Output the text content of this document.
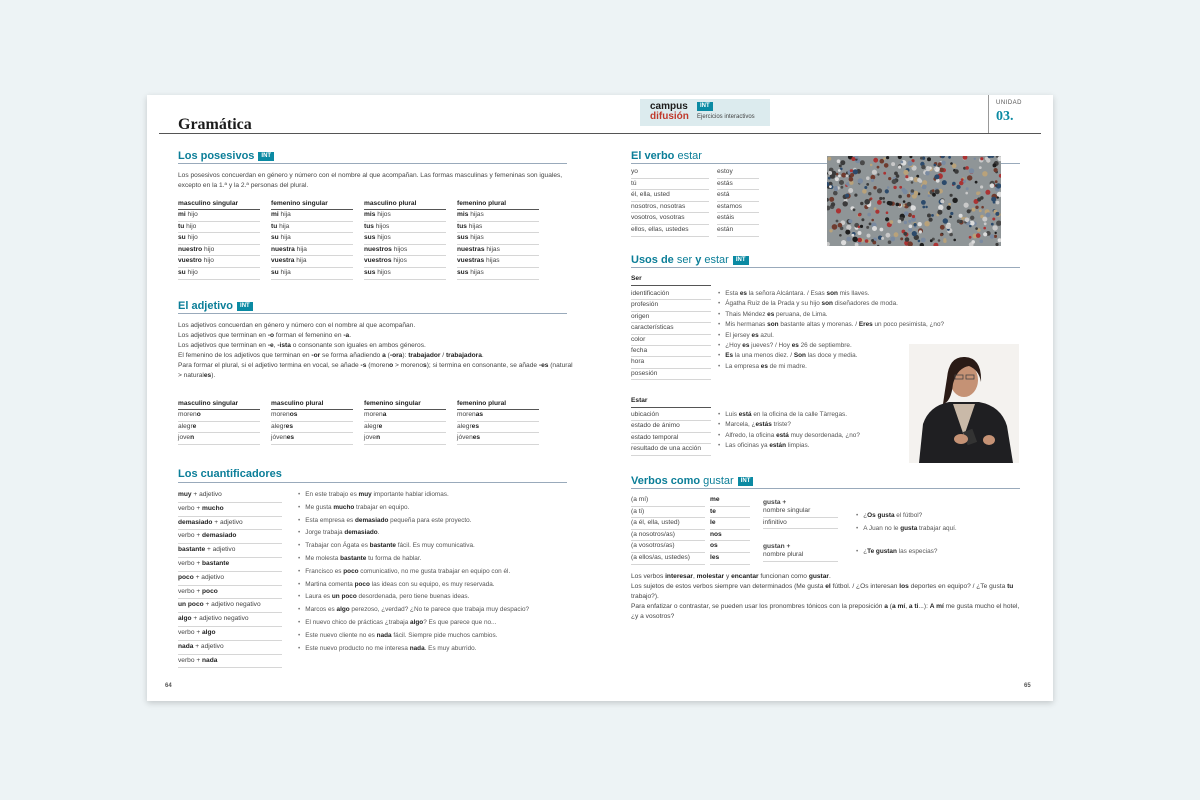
Gramática
Los posesivos INT
Los posesivos concuerdan en género y número con el nombre al que acompañan. Las formas masculinas y femeninas son iguales, excepto en la 1.ª y la 2.ª personas del plural.
masculino singular
mi hijo
tu hijo
su hijo
nuestro hijo
vuestro hijo
su hijo
femenino singular
mi hija
tu hija
su hija
nuestra hija
vuestra hija
su hija
masculino plural
mis hijos
tus hijos
sus hijos
nuestros hijos
vuestros hijos
sus hijos
femenino plural
mis hijas
tus hijas
sus hijas
nuestras hijas
vuestras hijas
sus hijas
El adjetivo INT
Los adjetivos concuerdan en género y número con el nombre al que acompañan.
Los adjetivos que terminan en -o forman el femenino en -a.
Los adjetivos que terminan en -e, -ista o consonante son iguales en ambos géneros.
El femenino de los adjetivos que terminan en -or se forma añadiendo a (-ora): trabajador / trabajadora.
Para formar el plural, si el adjetivo termina en vocal, se añade -s (moreno > morenos); si termina en consonante, se añade -es (natural > naturales).
masculino singular
moreno
alegre
joven
masculino plural
morenos
alegres
jóvenes
femenino singular
morena
alegre
joven
femenino plural
morenas
alegres
jóvenes
Los cuantificadores
muy + adjetivo
verbo + mucho
demasiado + adjetivo
verbo + demasiado
bastante + adjetivo
verbo + bastante
poco + adjetivo
verbo + poco
un poco + adjetivo negativo
algo + adjetivo negativo
verbo + algo
nada + adjetivo
verbo + nada
• En este trabajo es muy importante hablar idiomas.
• Me gusta mucho trabajar en equipo.
• Esta empresa es demasiado pequeña para este proyecto.
• Jorge trabaja demasiado.
• Trabajar con Ágata es bastante fácil. Es muy comunicativa.
• Me molesta bastante tu forma de hablar.
• Francisco es poco comunicativo, no me gusta trabajar en equipo con él.
• Martina comenta poco las ideas con su equipo, es muy reservada.
• Laura es un poco desordenada, pero tiene buenas ideas.
• Marcos es algo perezoso, ¿verdad? ¿No te parece que trabaja muy despacio?
• El nuevo chico de prácticas ¿trabaja algo? Es que parece que no...
• Este nuevo cliente no es nada fácil. Siempre pide muchos cambios.
• Este nuevo producto no me interesa nada. Es muy aburrido.
64
campus
difusión
INT
Ejercicios interactivos
UNIDAD
03.
El verbo estar
yo
tú
él, ella, usted
nosotros, nosotras
vosotros, vosotras
ellos, ellas, ustedes
estoy
estás
está
estamos
estáis
están
Usos de ser y estar INT
Ser
identificación
profesión
origen
características
color
fecha
hora
posesión
• Esta es la señora Alcántara. / Esas son mis llaves.
• Ágatha Ruiz de la Prada y su hijo son diseñadores de moda.
• Thais Méndez es peruana, de Lima.
• Mis hermanas son bastante altas y morenas. / Eres un poco pesimista, ¿no?
• El jersey es azul.
• ¿Hoy es jueves? / Hoy es 26 de septiembre.
• Es la una menos diez. / Son las doce y media.
• La empresa es de mi madre.
Estar
ubicación
estado de ánimo
estado temporal
resultado de una acción
• Luis está en la oficina de la calle Tàrregas.
• Marcela, ¿estás triste?
• Alfredo, la oficina está muy desordenada, ¿no?
• Las oficinas ya están limpias.
Verbos como gustar INT
(a mí)
(a ti)
(a él, ella, usted)
(a nosotros/as)
(a vosotros/as)
(a ellos/as, ustedes)
me
te
le
nos
os
les
gusta +
nombre singular
infinitivo
gustan +
nombre plural
• ¿Os gusta el fútbol?
• A Juan no le gusta trabajar aquí.
• ¿Te gustan las especias?
Los verbos interesar, molestar y encantar funcionan como gustar.
Los sujetos de estos verbos siempre van determinados (Me gusta el fútbol. / ¿Os interesan los deportes en equipo? / ¿Te gusta tu trabajo?).
Para enfatizar o contrastar, se pueden usar los pronombres tónicos con la preposición a (a mí, a ti...): A mí me gusta mucho el hotel, ¿y a vosotros?
65
